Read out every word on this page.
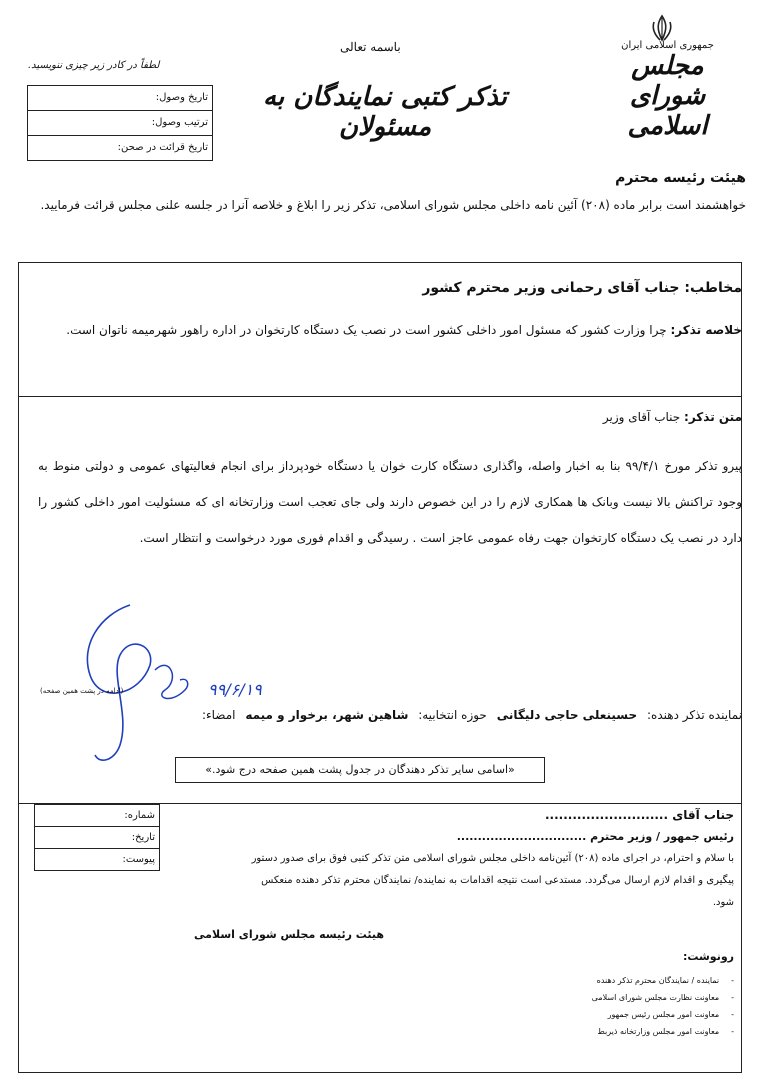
جمهوری اسلامی ایران
مجلس شورای اسلامی
باسمه تعالی
تذکر کتبی نمایندگان به مسئولان
لطفاً در کادر زیر چیزی ننویسید.
تاریخ وصول:
ترتیب وصول:
تاریخ قرائت در صحن:
هیئت رئیسه محترم
خواهشمند است برابر ماده (۲۰۸) آئین نامه داخلی مجلس شورای اسلامی، تذکر زیر را ابلاغ و خلاصه آنرا در جلسه علنی مجلس قرائت فرمایید.
مخاطب: جناب آقای رحمانی وزیر محترم کشور
خلاصه تذکر: چرا وزارت کشور که مسئول امور داخلی کشور است در نصب یک دستگاه کارتخوان در اداره راهور شهرمیمه ناتوان است.
متن تذکر: جناب آقای وزیر
پیرو تذکر مورخ ۹۹/۴/۱ بنا به اخبار واصله، واگذاری دستگاه کارت خوان یا دستگاه خودپرداز برای انجام فعالیتهای عمومی و دولتی منوط به وجود تراکنش بالا نیست وبانک ها همکاری لازم را در این خصوص دارند ولی جای تعجب است وزارتخانه ای که مسئولیت امور داخلی کشور را دارد در نصب یک دستگاه کارتخوان جهت رفاه عمومی عاجز است . رسیدگی و اقدام فوری مورد درخواست و انتظار است.
۹۹/۶/۱۹
(ادامه در پشت همین صفحه)
نماینده تذکر دهنده: حسینعلی حاجی دلیگانی حوزه انتخابیه: شاهین شهر، برخوار و میمه امضاء:
«اسامی سایر تذکر دهندگان در جدول پشت همین صفحه درج شود.»
شماره:
تاریخ:
پیوست:
جناب آقای ...........................
رئیس جمهور / وزیر محترم ...............................
با سلام و احترام، در اجرای ماده (۲۰۸) آئین‌نامه داخلی مجلس شورای اسلامی متن تذکر کتبی فوق برای صدور دستور پیگیری و اقدام لازم ارسال می‌گردد. مستدعی است نتیجه اقدامات به نماینده/ نمایندگان محترم تذکر دهنده منعکس شود.
هیئت رئیسه مجلس شورای اسلامی
رونوشت:
-نماینده / نمایندگان محترم تذکر دهنده
-معاونت نظارت مجلس شورای اسلامی
-معاونت امور مجلس رئیس جمهور
-معاونت امور مجلس وزارتخانه ذیربط
